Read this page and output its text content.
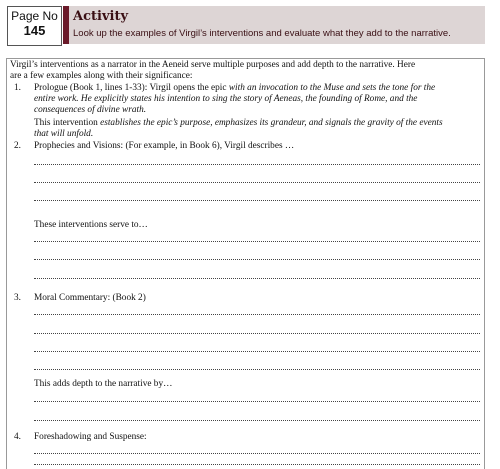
Page No
145
Activity
Look up the examples of Virgil’s interventions and evaluate what they add to the narrative.
Virgil’s interventions as a narrator in the Aeneid serve multiple purposes and add depth to the narrative. Here
are a few examples along with their significance:
1. Prologue (Book 1, lines 1-33): Virgil opens the epic with an invocation to the Muse and sets the tone for the
entire work. He explicitly states his intention to sing the story of Aeneas, the founding of Rome, and the
consequences of divine wrath.
This intervention establishes the epic’s purpose, emphasizes its grandeur, and signals the gravity of the events
that will unfold.
2. Prophecies and Visions: (For example, in Book 6), Virgil describes …
These interventions serve to…
3. Moral Commentary: (Book 2)
This adds depth to the narrative by…
4. Foreshadowing and Suspense:
